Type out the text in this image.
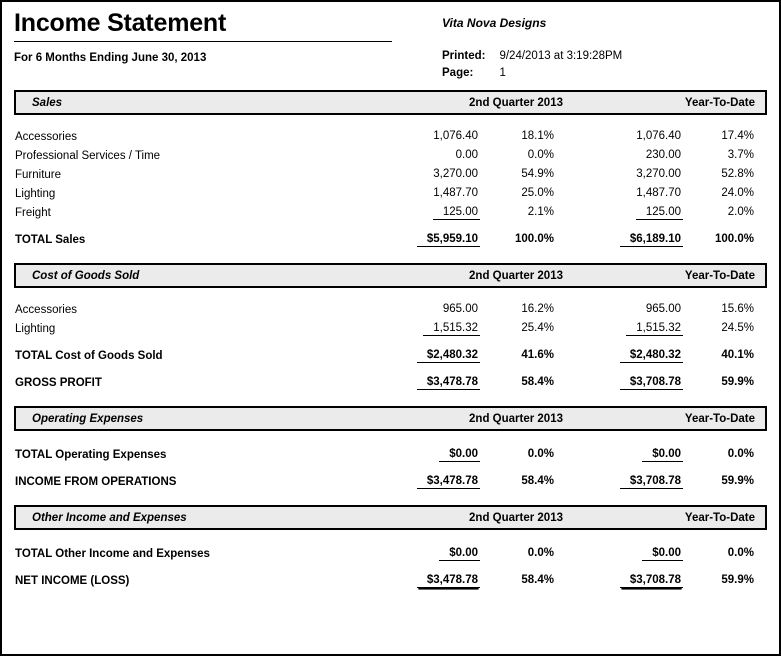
Income Statement
For 6 Months Ending June 30, 2013
Vita Nova Designs
Printed:	9/24/2013 at 3:19:28PM
Page:	1
Sales	2nd Quarter 2013		Year-To-Date	

Accessories	1,076.40	18.1%	1,076.40	17.4%
Professional Services / Time	0.00	0.0%	230.00	3.7%
Furniture	3,270.00	54.9%	3,270.00	52.8%
Lighting	1,487.70	25.0%	1,487.70	24.0%
Freight	125.00	2.1%	125.00	2.0%
TOTAL Sales	$5,959.10	100.0%	$6,189.10	100.0%

Cost of Goods Sold	2nd Quarter 2013		Year-To-Date	

Accessories	965.00	16.2%	965.00	15.6%
Lighting	1,515.32	25.4%	1,515.32	24.5%
TOTAL Cost of Goods Sold	$2,480.32	41.6%	$2,480.32	40.1%
GROSS PROFIT	$3,478.78	58.4%	$3,708.78	59.9%

Operating Expenses	2nd Quarter 2013		Year-To-Date	

TOTAL Operating Expenses	$0.00	0.0%	$0.00	0.0%
INCOME FROM OPERATIONS	$3,478.78	58.4%	$3,708.78	59.9%

Other Income and Expenses	2nd Quarter 2013		Year-To-Date	

TOTAL Other Income and Expenses	$0.00	0.0%	$0.00	0.0%
NET INCOME (LOSS)	$3,478.78	58.4%	$3,708.78	59.9%
